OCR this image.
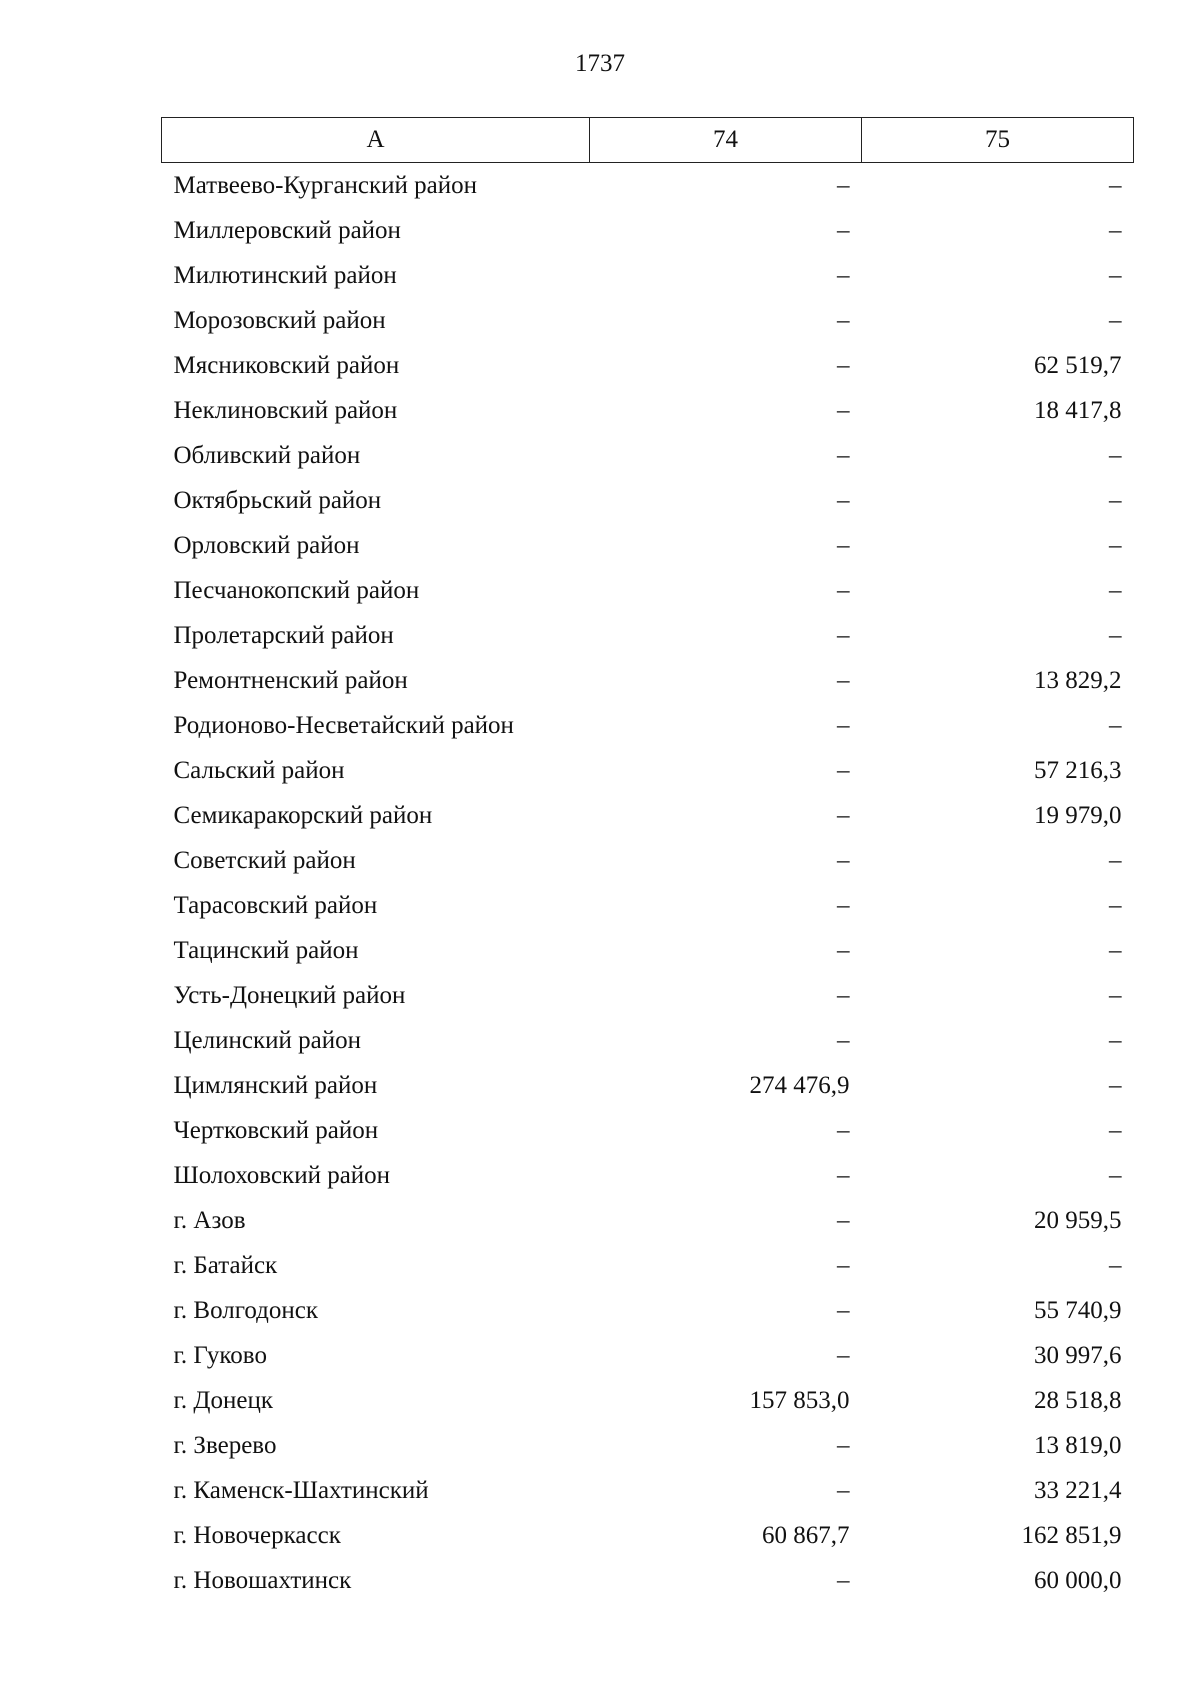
1737
А	74	75
Матвеево-Курганский район	–	–
Миллеровский район	–	–
Милютинский район	–	–
Морозовский район	–	–
Мясниковский район	–	62 519,7
Неклиновский район	–	18 417,8
Обливский район	–	–
Октябрьский район	–	–
Орловский район	–	–
Песчанокопский район	–	–
Пролетарский район	–	–
Ремонтненский район	–	13 829,2
Родионово-Несветайский район	–	–
Сальский район	–	57 216,3
Семикаракорский район	–	19 979,0
Советский район	–	–
Тарасовский район	–	–
Тацинский район	–	–
Усть-Донецкий район	–	–
Целинский район	–	–
Цимлянский район	274 476,9	–
Чертковский район	–	–
Шолоховский район	–	–
г. Азов	–	20 959,5
г. Батайск	–	–
г. Волгодонск	–	55 740,9
г. Гуково	–	30 997,6
г. Донецк	157 853,0	28 518,8
г. Зверево	–	13 819,0
г. Каменск-Шахтинский	–	33 221,4
г. Новочеркасск	60 867,7	162 851,9
г. Новошахтинск	–	60 000,0
